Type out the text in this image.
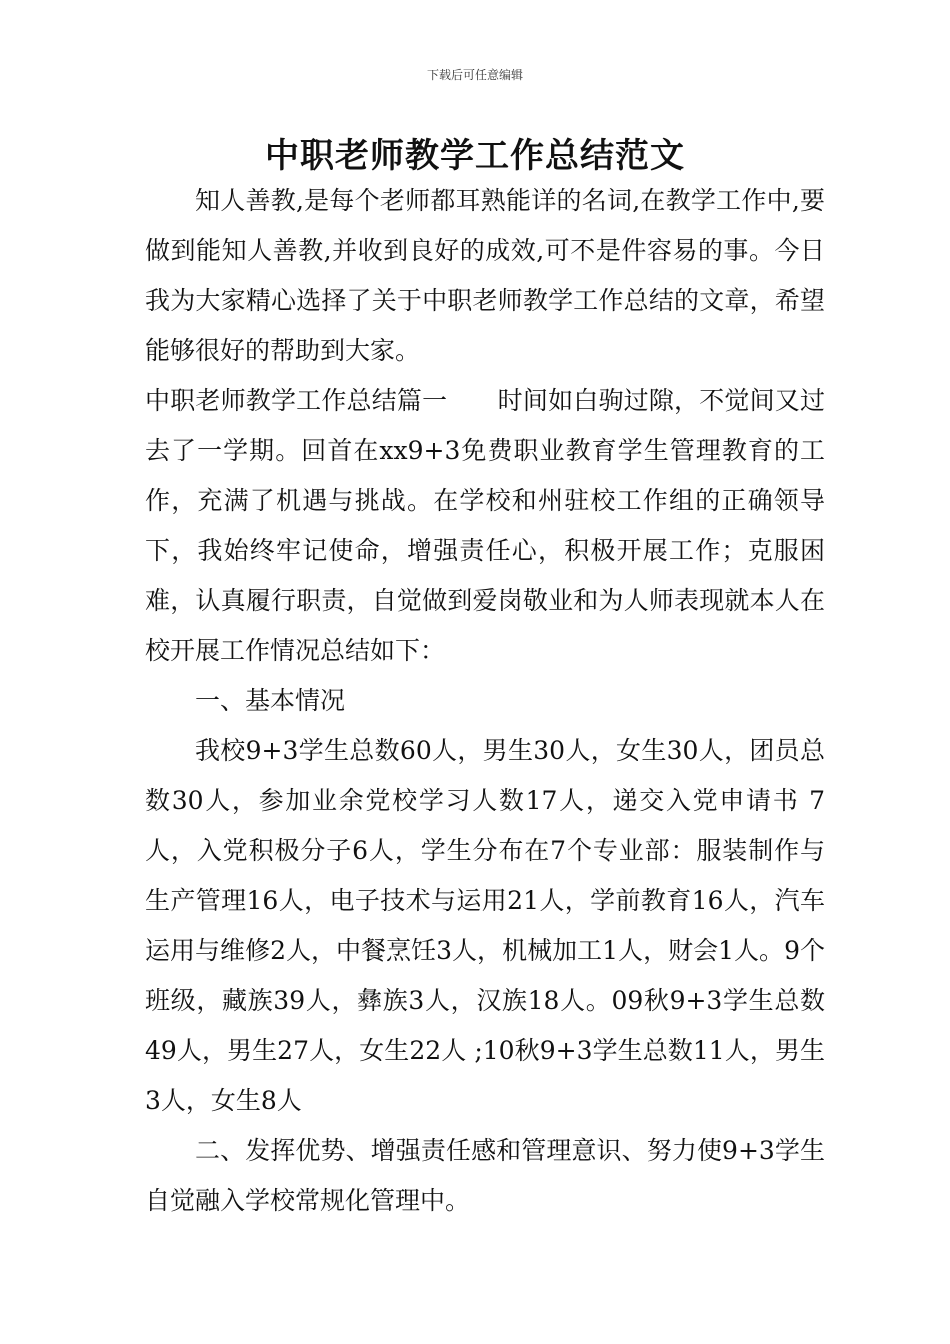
下载后可任意编辑
中职老师教学工作总结范文

知人善教,是每个老师都耳熟能详的名词,在教学工作中,要做到能知人善教,并收到良好的成效,可不是件容易的事。今日我为大家精心选择了关于中职老师教学工作总结的文章，希望能够很好的帮助到大家。

中职老师教学工作总结篇一　　时间如白驹过隙，不觉间又过去了一学期。回首在xx9+3免费职业教育学生管理教育的工作，充满了机遇与挑战。在学校和州驻校工作组的正确领导下，我始终牢记使命，增强责任心，积极开展工作；克服困难，认真履行职责，自觉做到爱岗敬业和为人师表现就本人在校开展工作情况总结如下：

一、基本情况

我校9+3学生总数60人，男生30人，女生30人，团员总数30人，参加业余党校学习人数17人，递交入党申请书 7人，入党积极分子6人，学生分布在7个专业部：服装制作与生产管理16人，电子技术与运用21人，学前教育16人，汽车运用与维修2人，中餐烹饪3人，机械加工1人，财会1人。9个班级，藏族39人，彝族3人，汉族18人。09秋9+3学生总数49人，男生27人，女生22人 ;10秋9+3学生总数11人，男生3人，女生8人

二、发挥优势、增强责任感和管理意识、努力使9+3学生自觉融入学校常规化管理中。
